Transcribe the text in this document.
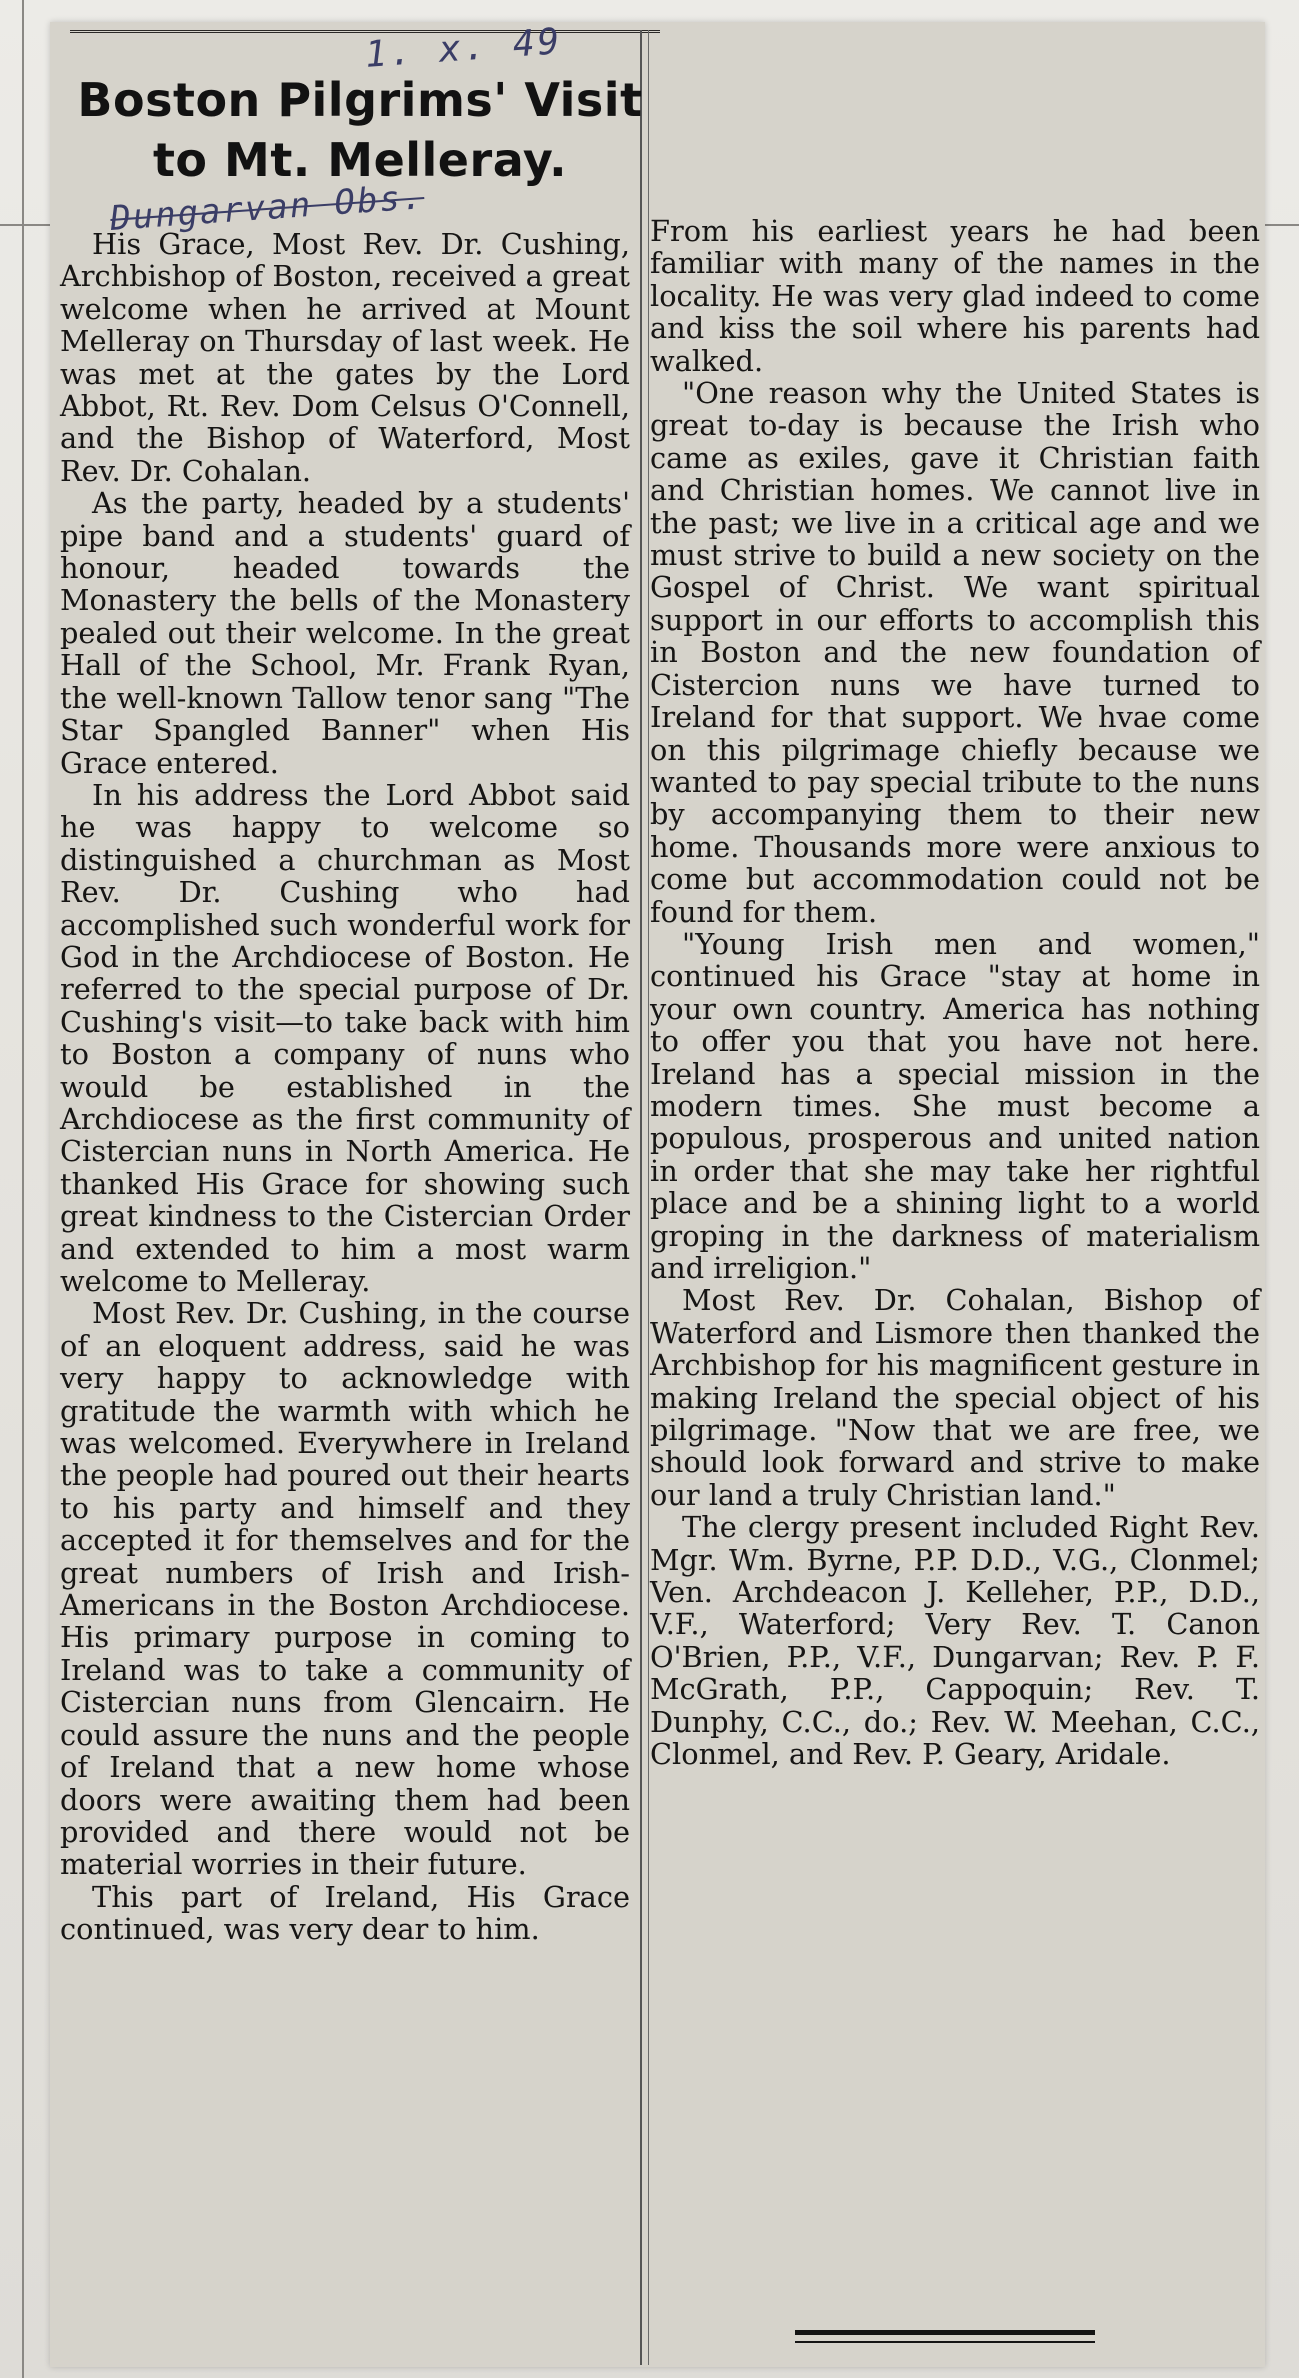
1. x. 49
Boston Pilgrims' Visit to Mt. Melleray.
Dungarvan Obs.

His Grace, Most Rev. Dr. Cushing, Archbishop of Boston, received a great welcome when he arrived at Mount Melleray on Thursday of last week. He was met at the gates by the Lord Abbot, Rt. Rev. Dom Celsus O'Connell, and the Bishop of Waterford, Most Rev. Dr. Cohalan.

As the party, headed by a students' pipe band and a students' guard of honour, headed towards the Monastery the bells of the Monastery pealed out their welcome. In the great Hall of the School, Mr. Frank Ryan, the well-known Tallow tenor sang "The Star Spangled Banner" when His Grace entered.

In his address the Lord Abbot said he was happy to welcome so distinguished a churchman as Most Rev. Dr. Cushing who had accomplished such wonderful work for God in the Archdiocese of Boston. He referred to the special purpose of Dr. Cushing's visit—to take back with him to Boston a company of nuns who would be established in the Archdiocese as the first community of Cistercian nuns in North America. He thanked His Grace for showing such great kindness to the Cistercian Order and extended to him a most warm welcome to Melleray.

Most Rev. Dr. Cushing, in the course of an eloquent address, said he was very happy to acknowledge with gratitude the warmth with which he was welcomed. Everywhere in Ireland the people had poured out their hearts to his party and himself and they accepted it for themselves and for the great numbers of Irish and Irish-Americans in the Boston Archdiocese. His primary purpose in coming to Ireland was to take a community of Cistercian nuns from Glencairn. He could assure the nuns and the people of Ireland that a new home whose doors were awaiting them had been provided and there would not be material worries in their future.

This part of Ireland, His Grace continued, was very dear to him.

From his earliest years he had been familiar with many of the names in the locality. He was very glad indeed to come and kiss the soil where his parents had walked.

"One reason why the United States is great to-day is because the Irish who came as exiles, gave it Christian faith and Christian homes. We cannot live in the past; we live in a critical age and we must strive to build a new society on the Gospel of Christ. We want spiritual support in our efforts to accomplish this in Boston and the new foundation of Cistercion nuns we have turned to Ireland for that support. We hvae come on this pilgrimage chiefly because we wanted to pay special tribute to the nuns by accompanying them to their new home. Thousands more were anxious to come but accommodation could not be found for them.

"Young Irish men and women," continued his Grace "stay at home in your own country. America has nothing to offer you that you have not here. Ireland has a special mission in the modern times. She must become a populous, prosperous and united nation in order that she may take her rightful place and be a shining light to a world groping in the darkness of materialism and irreligion."

Most Rev. Dr. Cohalan, Bishop of Waterford and Lismore then thanked the Archbishop for his magnificent gesture in making Ireland the special object of his pilgrimage. "Now that we are free, we should look forward and strive to make our land a truly Christian land."

The clergy present included Right Rev. Mgr. Wm. Byrne, P.P. D.D., V.G., Clonmel; Ven. Archdeacon J. Kelleher, P.P., D.D., V.F., Waterford; Very Rev. T. Canon O'Brien, P.P., V.F., Dungarvan; Rev. P. F. McGrath, P.P., Cappoquin; Rev. T. Dunphy, C.C., do.; Rev. W. Meehan, C.C., Clonmel, and Rev. P. Geary, Aridale.
